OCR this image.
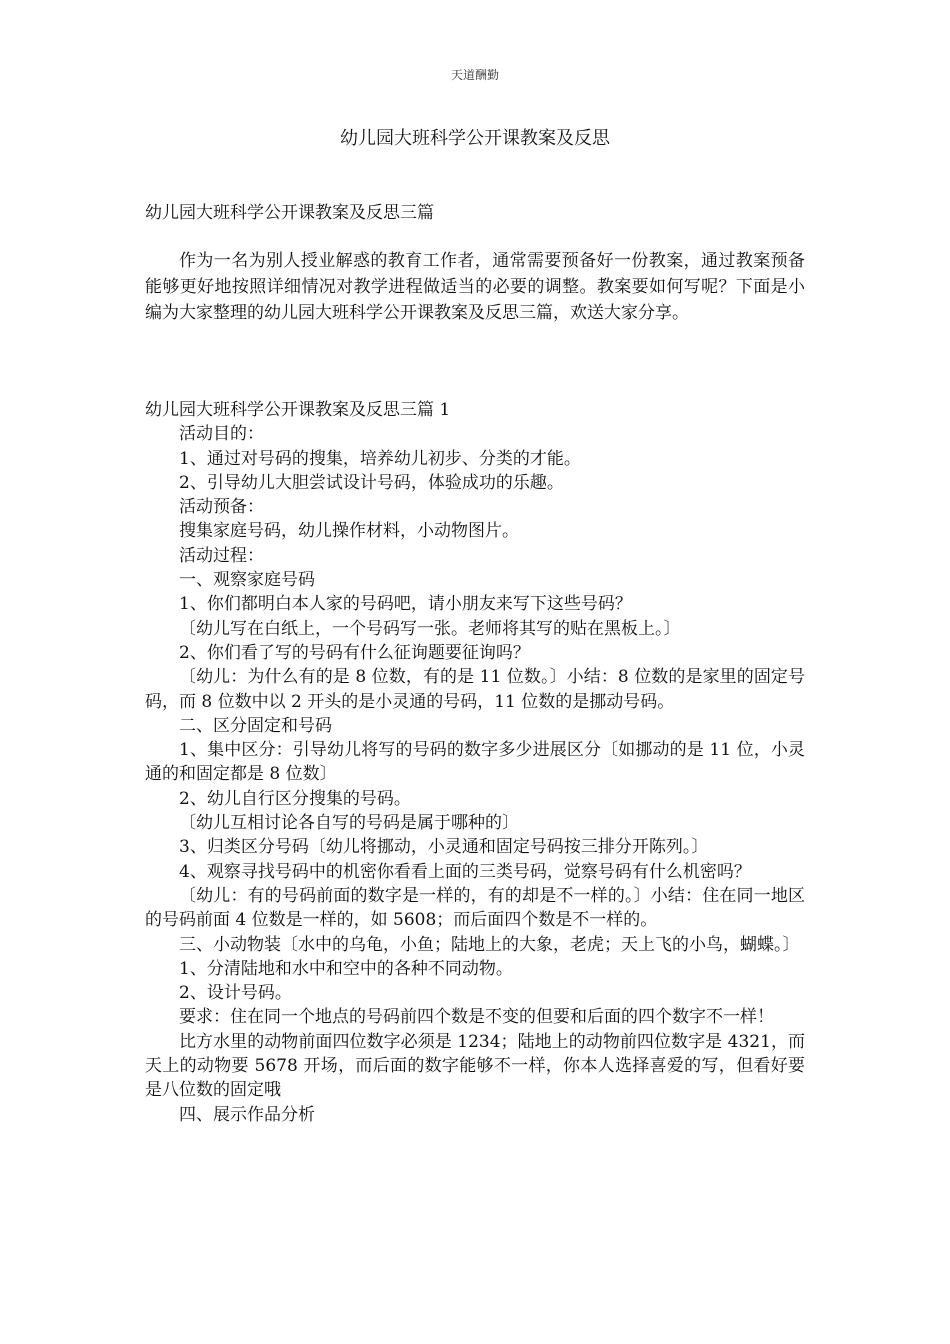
天道酬勤
幼儿园大班科学公开课教案及反思

幼儿园大班科学公开课教案及反思三篇

作为一名为别人授业解惑的教育工作者，通常需要预备好一份教案，通过教案预备能够更好地按照详细情况对教学进程做适当的必要的调整。教案要如何写呢？下面是小编为大家整理的幼儿园大班科学公开课教案及反思三篇，欢送大家分享。

幼儿园大班科学公开课教案及反思三篇 1

活动目的：

1、通过对号码的搜集，培养幼儿初步、分类的才能。

2、引导幼儿大胆尝试设计号码，体验成功的乐趣。

活动预备：

搜集家庭号码，幼儿操作材料，小动物图片。

活动过程：

一、观察家庭号码

1、你们都明白本人家的号码吧，请小朋友来写下这些号码？

〔幼儿写在白纸上，一个号码写一张。老师将其写的贴在黑板上。〕

2、你们看了写的号码有什么征询题要征询吗？

〔幼儿：为什么有的是 8 位数，有的是 11 位数。〕小结：8 位数的是家里的固定号码，而 8 位数中以 2 开头的是小灵通的号码，11 位数的是挪动号码。

二、区分固定和号码

1、集中区分：引导幼儿将写的号码的数字多少进展区分〔如挪动的是 11 位，小灵通的和固定都是 8 位数〕

2、幼儿自行区分搜集的号码。

〔幼儿互相讨论各自写的号码是属于哪种的〕

3、归类区分号码〔幼儿将挪动，小灵通和固定号码按三排分开陈列。〕

4、观察寻找号码中的机密你看看上面的三类号码，觉察号码有什么机密吗？

〔幼儿：有的号码前面的数字是一样的，有的却是不一样的。〕小结：住在同一地区的号码前面 4 位数是一样的，如 5608；而后面四个数是不一样的。

三、小动物装〔水中的乌龟，小鱼；陆地上的大象，老虎；天上飞的小鸟，蝴蝶。〕

1、分清陆地和水中和空中的各种不同动物。

2、设计号码。

要求：住在同一个地点的号码前四个数是不变的但要和后面的四个数字不一样！

比方水里的动物前面四位数字必须是 1234；陆地上的动物前四位数字是 4321，而天上的动物要 5678 开场，而后面的数字能够不一样，你本人选择喜爱的写，但看好要是八位数的固定哦

四、展示作品分析
